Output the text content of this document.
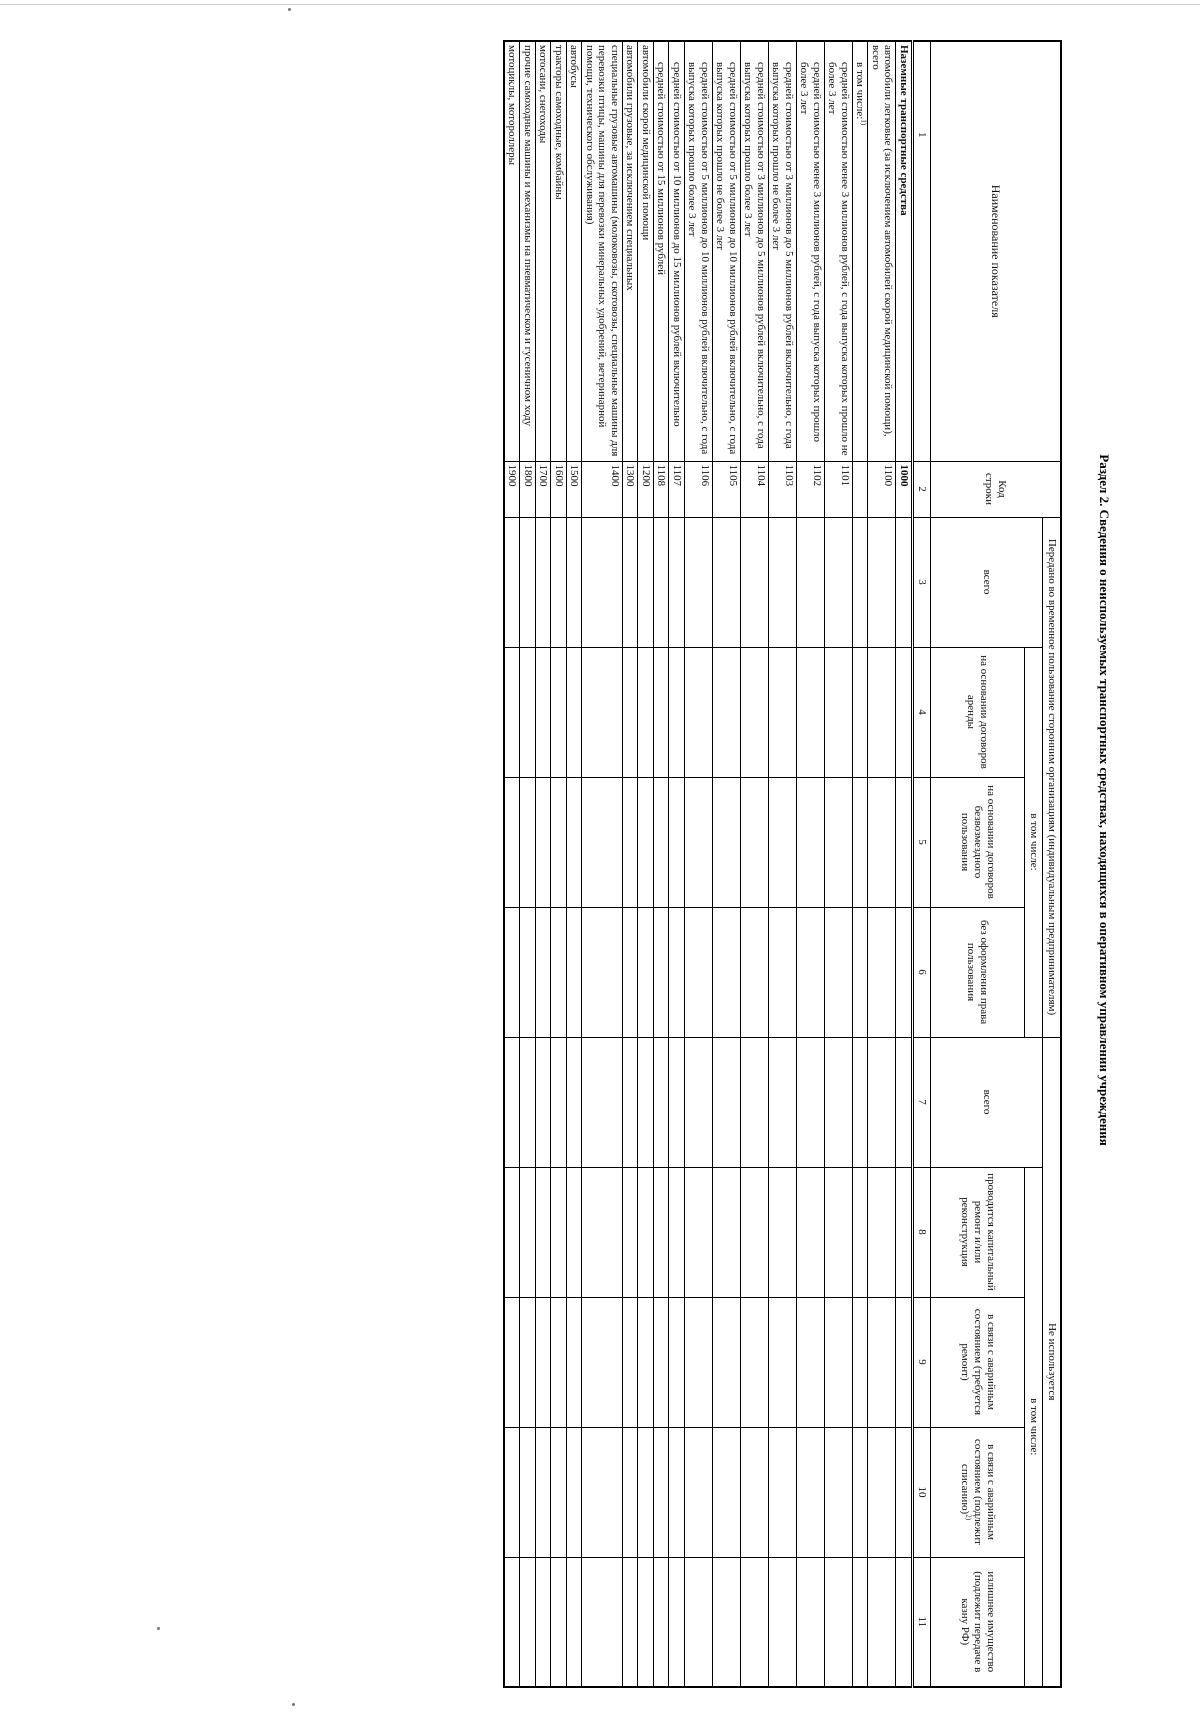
Раздел 2. Сведения о неиспользуемых транспортных средствах, находящихся в оперативном управлении учреждения
Наименование показателя	Код строки	Передано во временное пользование сторонним организациям (индивидуальным предпринимателям)				Не используется				
		всего	в том числе:			всего	в том числе:			
			на основании договоров аренды	на основании договоров безвозмездного пользования	без оформления права пользования		проводится капитальный ремонт и/или реконструкция	в связи с аварийным состоянием (требуется ремонт)	в связи с аварийным состоянием (подлежит списанию)$^{2)}$	излишнее имущество (подлежит передаче в казну РФ)
1	2	3	4	5	6	7	8	9	10	11
Наземные транспортные средства	1000									
автомобили легковые (за исключением автомобилей скорой медицинской помощи), всего	1100									
в том числе:$^{1)}$										
средней стоимостью менее 3 миллионов рублей, с года выпуска которых прошло не более 3 лет	1101									
средней стоимостью менее 3 миллионов рублей, с года выпуска которых прошло более 3 лет	1102									
средней стоимостью от 3 миллионов до 5 миллионов рублей включительно, с года выпуска которых прошло не более 3 лет	1103									
средней стоимостью от 3 миллионов до 5 миллионов рублей включительно, с года выпуска которых прошло более 3 лет	1104									
средней стоимостью от 5 миллионов до 10 миллионов рублей включительно, с года выпуска которых прошло не более 3 лет	1105									
средней стоимостью от 5 миллионов до 10 миллионов рублей включительно, с года выпуска которых прошло более 3 лет	1106									
средней стоимостью от 10 миллионов до 15 миллионов рублей включительно	1107									
средней стоимостью от 15 миллионов рублей	1108									
автомобили скорой медицинской помощи	1200									
автомобили грузовые, за исключением специальных	1300									
специальные грузовые автомашины (молоковозы, скотовозы, специальные машины для перевозки птицы, машины для перевозки минеральных удобрений, ветеринарной помощи, технического обслуживания)	1400									
автобусы	1500									
тракторы самоходные, комбайны	1600									
мотосани, снегоходы	1700									
прочие самоходные машины и механизмы на пневматическом и гусеничном ходу	1800									
мотоциклы, мотороллеры	1900									
